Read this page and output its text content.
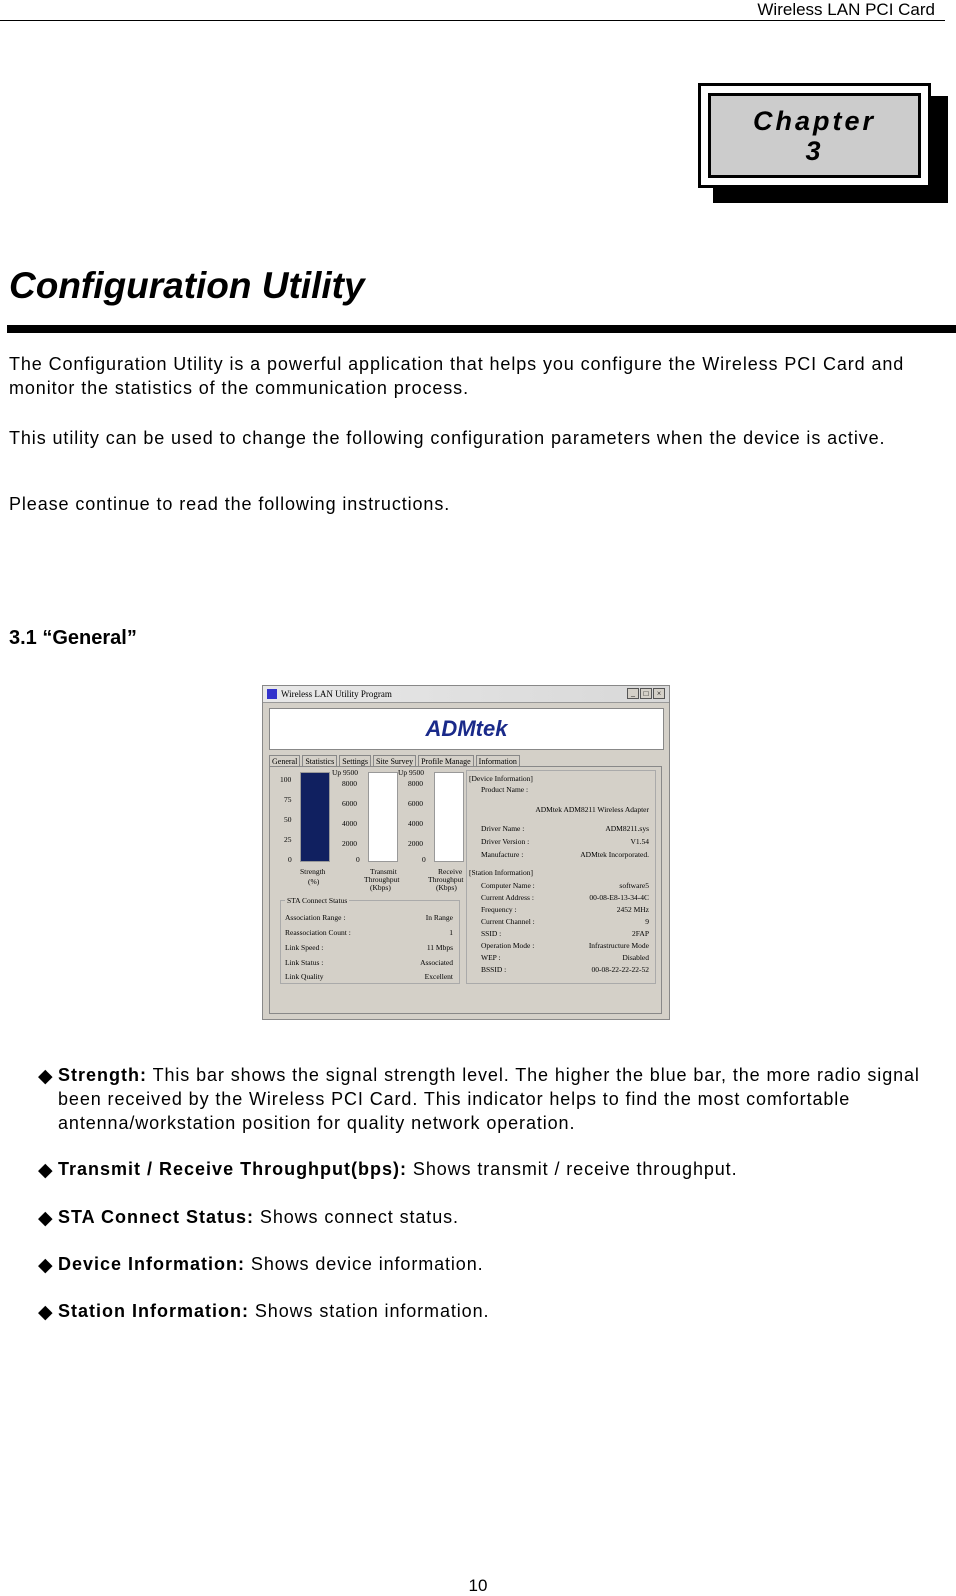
Wireless LAN PCI Card
Chapter
3
Configuration Utility
The Configuration Utility is a powerful application that helps you configure the Wireless PCI Card and monitor the statistics of the communication process.
This utility can be used to change the following configuration parameters when the device is active.
Please continue to read the following instructions.
3.1 “General”
Wireless LAN Utility Program	_	□	×
ADMtek
General	Statistics	Settings	Site Survey	Profile Manage	Information
100
75
50
25
0
Strength
(%)
Up 9500
8000
6000
4000
2000
0
Transmit
Throughput
(Kbps)
Up 9500
8000
6000
4000
2000
0
Receive
Throughput
(Kbps)
STA Connect Status
Association Range :	In Range
Reassociation Count :	1
Link Speed :	11 Mbps
Link Status :	Associated
Link Quality	Excellent
[Device Information]
Product Name :
ADMtek ADM8211 Wireless Adapter
Driver Name :	ADM8211.sys
Driver Version :	V1.54
Manufacture :	ADMtek Incorporated.
[Station Information]
Computer Name :	software5
Current Address :	00-08-E8-13-34-4C
Frequency :	2452 MHz
Current Channel :	9
SSID :	2FAP
Operation Mode :	Infrastructure Mode
WEP :	Disabled
BSSID :	00-08-22-22-22-52
◆ Strength: This bar shows the signal strength level. The higher the blue bar, the more radio signal been received by the Wireless PCI Card. This indicator helps to find the most comfortable antenna/workstation position for quality network operation.
◆ Transmit / Receive Throughput(bps): Shows transmit / receive throughput.
◆ STA Connect Status: Shows connect status.
◆ Device Information: Shows device information.
◆ Station Information: Shows station information.
10
